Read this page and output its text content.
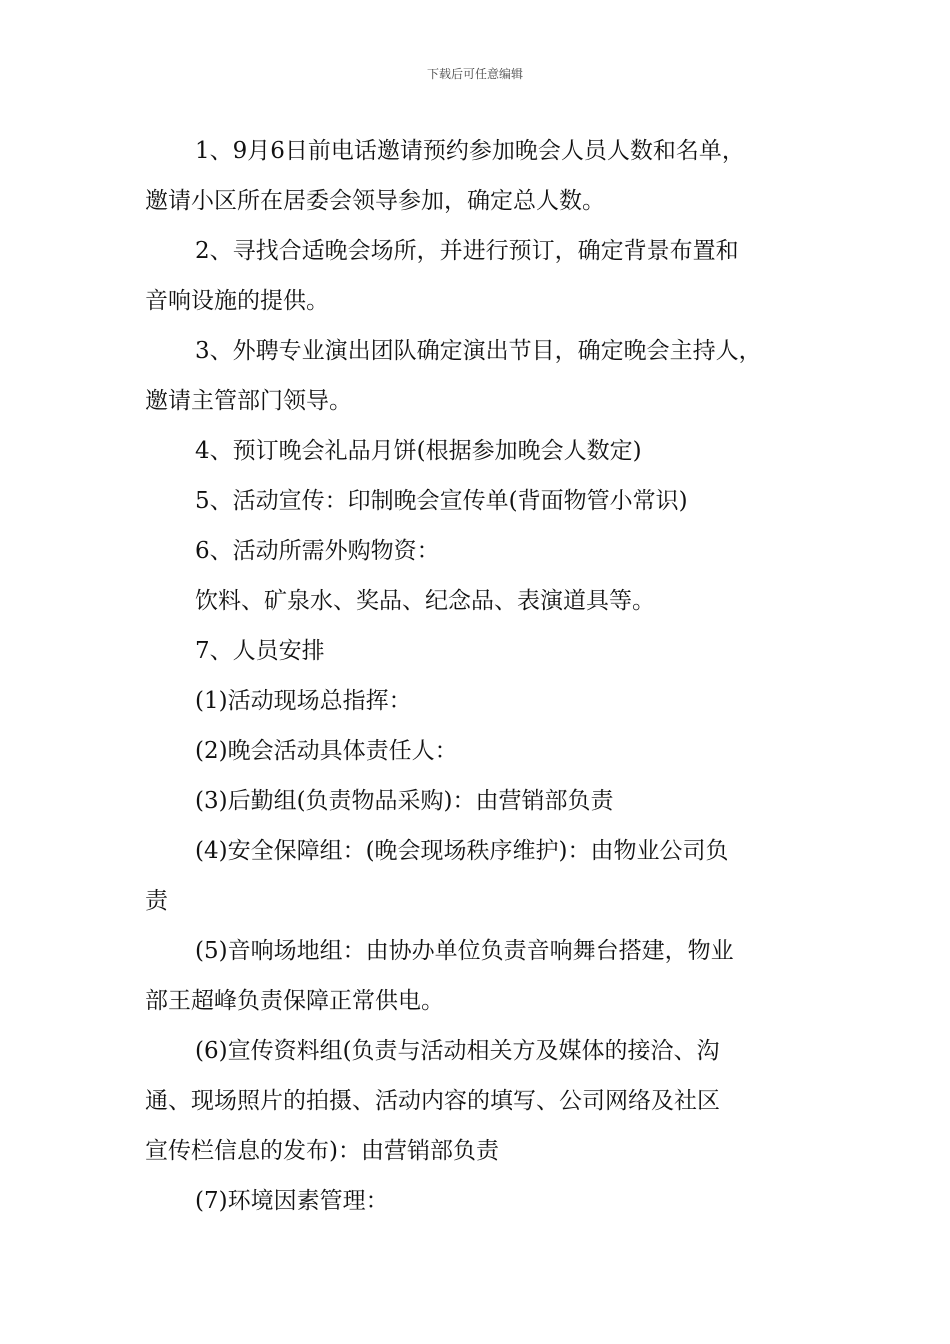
下载后可任意编辑
1、9月6日前电话邀请预约参加晚会人员人数和名单，
邀请小区所在居委会领导参加，确定总人数。
2、寻找合适晚会场所，并进行预订，确定背景布置和
音响设施的提供。
3、外聘专业演出团队确定演出节目，确定晚会主持人，
邀请主管部门领导。
4、预订晚会礼品月饼(根据参加晚会人数定)
5、活动宣传：印制晚会宣传单(背面物管小常识)
6、活动所需外购物资：
饮料、矿泉水、奖品、纪念品、表演道具等。
7、人员安排
(1)活动现场总指挥：
(2)晚会活动具体责任人：
(3)后勤组(负责物品采购)：由营销部负责
(4)安全保障组：(晚会现场秩序维护)：由物业公司负
责
(5)音响场地组：由协办单位负责音响舞台搭建，物业
部王超峰负责保障正常供电。
(6)宣传资料组(负责与活动相关方及媒体的接洽、沟
通、现场照片的拍摄、活动内容的填写、公司网络及社区
宣传栏信息的发布)：由营销部负责
(7)环境因素管理：
